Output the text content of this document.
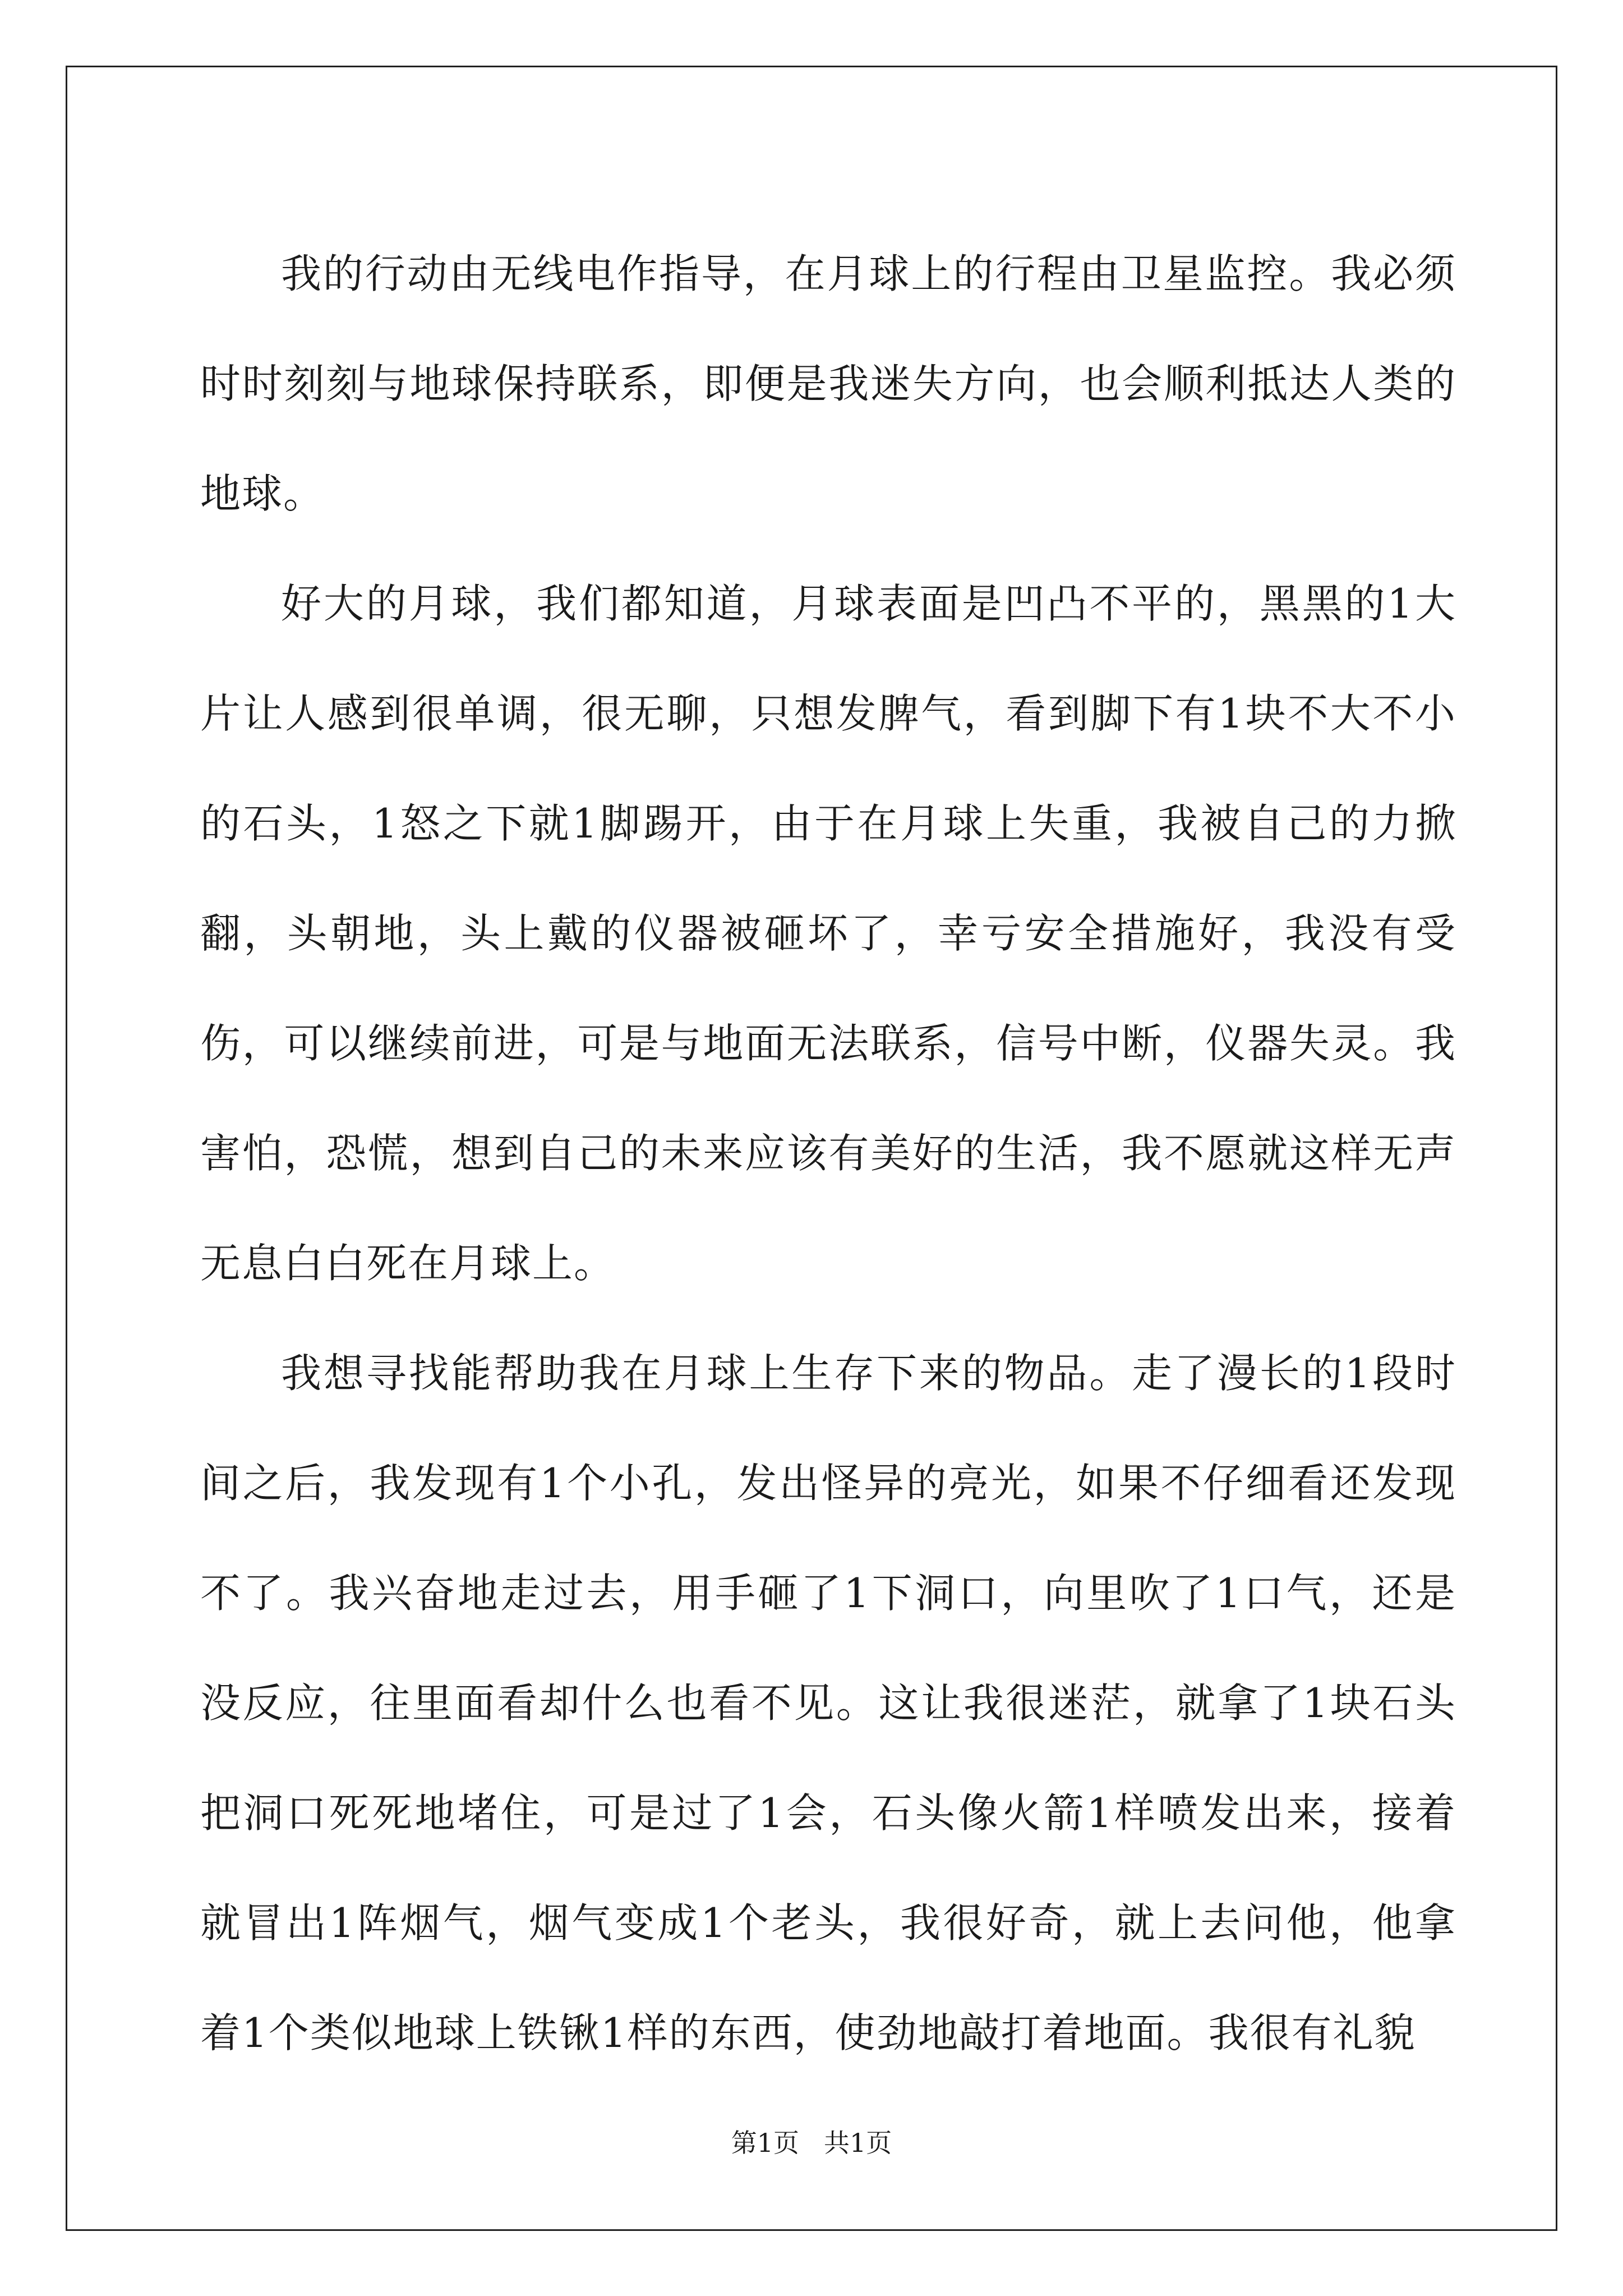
我的行动由无线电作指导，在月球上的行程由卫星监控。我必须时时刻刻与地球保持联系，即便是我迷失方向，也会顺利抵达人类的地球。

好大的月球，我们都知道，月球表面是凹凸不平的，黑黑的1大片让人感到很单调，很无聊，只想发脾气，看到脚下有1块不大不小的石头，1怒之下就1脚踢开，由于在月球上失重，我被自己的力掀翻，头朝地，头上戴的仪器被砸坏了，幸亏安全措施好，我没有受伤，可以继续前进，可是与地面无法联系，信号中断，仪器失灵。我害怕，恐慌，想到自己的未来应该有美好的生活，我不愿就这样无声无息白白死在月球上。

我想寻找能帮助我在月球上生存下来的物品。走了漫长的1段时间之后，我发现有1个小孔，发出怪异的亮光，如果不仔细看还发现不了。我兴奋地走过去，用手砸了1下洞口，向里吹了1口气，还是没反应，往里面看却什么也看不见。这让我很迷茫，就拿了1块石头把洞口死死地堵住，可是过了1会，石头像火箭1样喷发出来，接着就冒出1阵烟气，烟气变成1个老头，我很好奇，就上去问他，他拿着1个类似地球上铁锹1样的东西，使劲地敲打着地面。我很有礼貌

第1页 共1页
